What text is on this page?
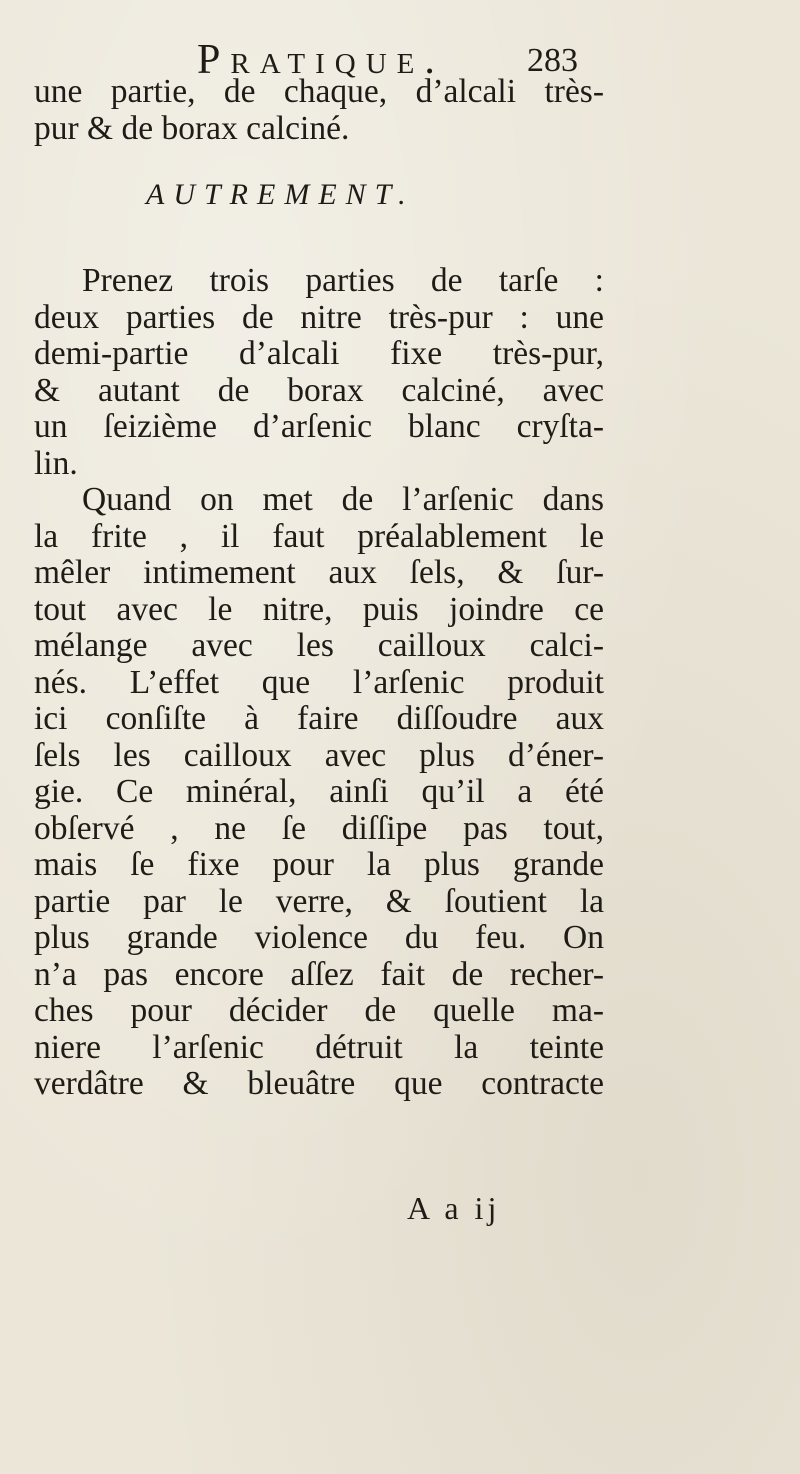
Pratique. 283
une partie, de chaque, d’alcali très-
pur & de borax calciné.
AUTREMENT.
Prenez trois parties de tarſe :
deux parties de nitre très-pur : une
demi-partie d’alcali fixe très-pur,
& autant de borax calciné, avec
un ſeizième d’arſenic blanc cryſta-
lin.
Quand on met de l’arſenic dans
la frite , il faut préalablement le
mêler intimement aux ſels, & ſur-
tout avec le nitre, puis joindre ce
mélange avec les cailloux calci-
nés. L’effet que l’arſenic produit
ici conſiſte à faire diſſoudre aux
ſels les cailloux avec plus d’éner-
gie. Ce minéral, ainſi qu’il a été
obſervé , ne ſe diſſipe pas tout,
mais ſe fixe pour la plus grande
partie par le verre, & ſoutient la
plus grande violence du feu. On
n’a pas encore aſſez fait de recher-
ches pour décider de quelle ma-
niere l’arſenic détruit la teinte
verdâtre & bleuâtre que contracte
A a ij
